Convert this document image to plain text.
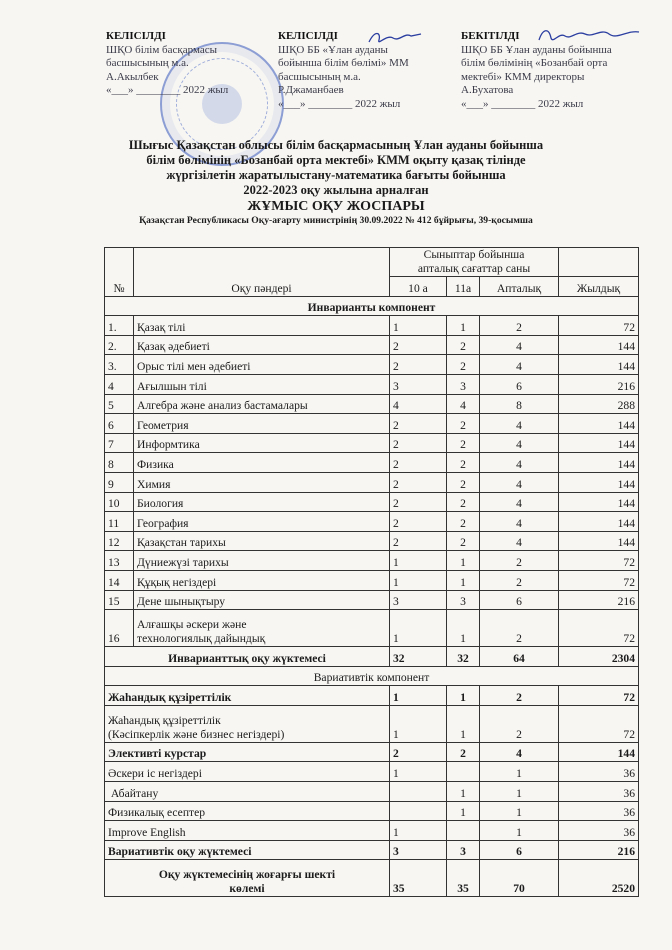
КЕЛІСІЛДІ
ШҚО білім басқармасы
басшысының м.а.
А.Акылбек
«___» ________ 2022 жыл
КЕЛІСІЛДІ
ШҚО ББ «Ұлан ауданы
бойынша білім бөлімі» ММ
басшысының м.а.
Р.Джаманбаев
«___» ________ 2022 жыл
БЕКІТІЛДІ
ШҚО ББ Ұлан ауданы бойынша
білім бөлімінің «Бозанбай орта
мектебі» КММ директоры
А.Бухатова
«___» ________ 2022 жыл
Шығыс Қазақстан облысы білім басқармасының Ұлан ауданы бойынша
білім бөлімінің «Бозанбай орта мектебі» КММ оқыту қазақ тілінде
жүргізілетін жаратылыстану-математика бағыты бойынша
2022-2023 оқу жылына арналған
ЖҰМЫС ОҚУ ЖОСПАРЫ
Қазақстан Республикасы Оқу-ағарту министрінің 30.09.2022 № 412 бұйрығы, 39-қосымша
№	Оқу пәндері	Сыныптар бойынша
апталық сағаттар саны			

		10 а	11а	Апталық	Жылдық
Инварианты компонент					
1.	Қазақ тілі	1	1	2	72
2.	Қазақ әдебиеті	2	2	4	144
3.	Орыс тілі мен әдебиеті	2	2	4	144
4	Ағылшын тілі	3	3	6	216
5	Алгебра және анализ бастамалары	4	4	8	288
6	Геометрия	2	2	4	144
7	Информтика	2	2	4	144
8	Физика	2	2	4	144
9	Химия	2	2	4	144
10	Биология	2	2	4	144
11	География	2	2	4	144
12	Қазақстан тарихы	2	2	4	144
13	Дүниежүзі тарихы	1	1	2	72
14	Құқық негіздері	1	1	2	72
15	Дене шынықтыру	3	3	6	216
16	Алғашқы әскери және
технологиялық дайындық	1	1	2	72
Инварианттық оқу жүктемесі		32	32	64	2304
Вариативтік компонент					
Жаһандық құзіреттілік		1	1	2	72

Жаһандық құзіреттілік
(Кәсіпкерлік және бизнес негіздері)		1	1	2	72
Элективті курстар		2	2	4	144
Әскери іс негіздері		1		1	36
Абайтану			1	1	36
Физикалық есептер			1	1	36
Improve English		1		1	36
Вариативтік оқу жүктемесі		3	3	6	216

Оқу жүктемесінің жоғарғы шекті
көлемі		35	35	70	2520
